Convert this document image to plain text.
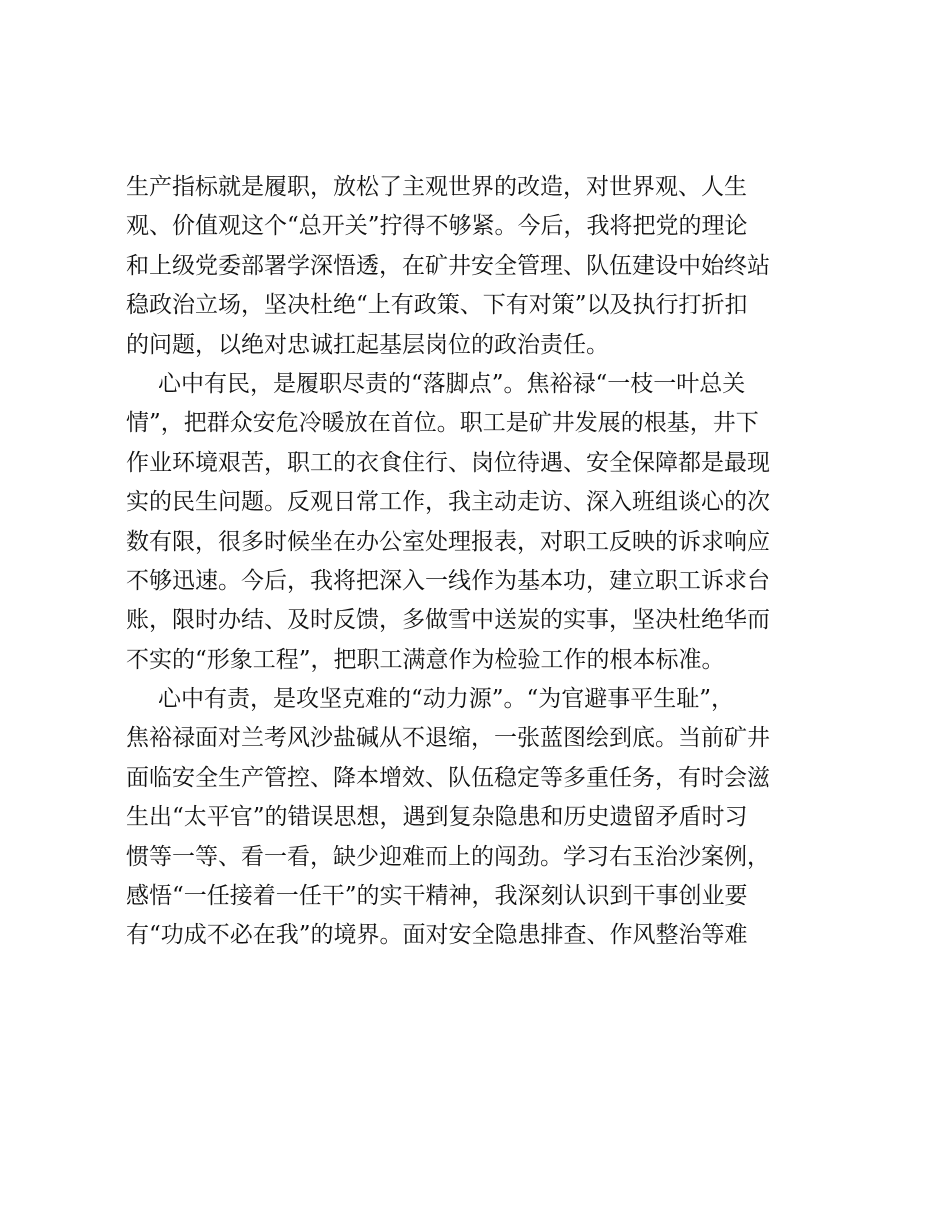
生产指标就是履职，放松了主观世界的改造，对世界观、人生
观、价值观这个“总开关”拧得不够紧。今后，我将把党的理论
和上级党委部署学深悟透，在矿井安全管理、队伍建设中始终站
稳政治立场，坚决杜绝“上有政策、下有对策”以及执行打折扣
的问题，以绝对忠诚扛起基层岗位的政治责任。
心中有民，是履职尽责的“落脚点”。焦裕禄“一枝一叶总关
情”，把群众安危冷暖放在首位。职工是矿井发展的根基，井下
作业环境艰苦，职工的衣食住行、岗位待遇、安全保障都是最现
实的民生问题。反观日常工作，我主动走访、深入班组谈心的次
数有限，很多时候坐在办公室处理报表，对职工反映的诉求响应
不够迅速。今后，我将把深入一线作为基本功，建立职工诉求台
账，限时办结、及时反馈，多做雪中送炭的实事，坚决杜绝华而
不实的“形象工程”，把职工满意作为检验工作的根本标准。
心中有责，是攻坚克难的“动力源”。“为官避事平生耻”，
焦裕禄面对兰考风沙盐碱从不退缩，一张蓝图绘到底。当前矿井
面临安全生产管控、降本增效、队伍稳定等多重任务，有时会滋
生出“太平官”的错误思想，遇到复杂隐患和历史遗留矛盾时习
惯等一等、看一看，缺少迎难而上的闯劲。学习右玉治沙案例，
感悟“一任接着一任干”的实干精神，我深刻认识到干事创业要
有“功成不必在我”的境界。面对安全隐患排查、作风整治等难
